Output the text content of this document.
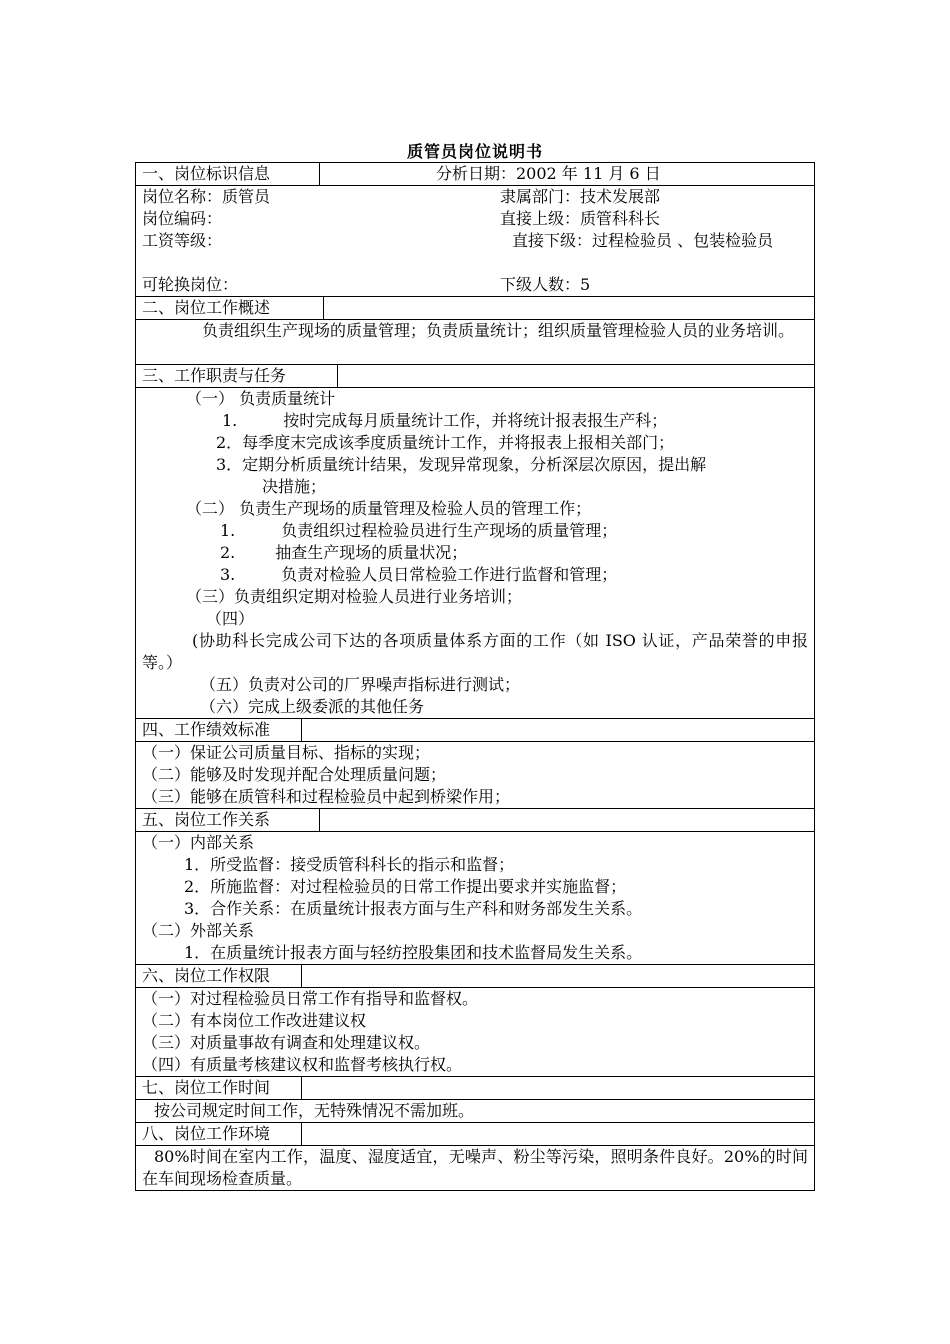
质管员岗位说明书
一、岗位标识信息	分析日期：2002 年 11 月 6 日
岗位名称：质管员	隶属部门：技术发展部
岗位编码：	直接上级：质管科科长
工资等级：	直接下级：过程检验员 、包装检验员
可轮换岗位：	下级人数：5
二、岗位工作概述
负责组织生产现场的质量管理；负责质量统计；组织质量管理检验人员的业务培训。
三、工作职责与任务
（一） 负责质量统计
1.	按时完成每月质量统计工作，并将统计报表报生产科；
2．每季度末完成该季度质量统计工作，并将报表上报相关部门；
3．定期分析质量统计结果，发现异常现象，分析深层次原因，提出解
决措施；
（二） 负责生产现场的质量管理及检验人员的管理工作；
1.	负责组织过程检验员进行生产现场的质量管理；
2.	抽查生产现场的质量状况；
3.	负责对检验人员日常检验工作进行监督和管理；
（三）负责组织定期对检验人员进行业务培训；
（四）
(协助科长完成公司下达的各项质量体系方面的工作（如 ISO 认证，产品荣誉的申报等。）
（五）负责对公司的厂界噪声指标进行测试；
（六）完成上级委派的其他任务
四、工作绩效标准
（一）保证公司质量目标、指标的实现；
（二）能够及时发现并配合处理质量问题；
（三）能够在质管科和过程检验员中起到桥梁作用；
五、岗位工作关系
（一）内部关系
1．所受监督：接受质管科科长的指示和监督；
2．所施监督：对过程检验员的日常工作提出要求并实施监督；
3．合作关系：在质量统计报表方面与生产科和财务部发生关系。
（二）外部关系
1．在质量统计报表方面与轻纺控股集团和技术监督局发生关系。
六、岗位工作权限
（一）对过程检验员日常工作有指导和监督权。
（二）有本岗位工作改进建议权
（三）对质量事故有调查和处理建议权。
（四）有质量考核建议权和监督考核执行权。
七、岗位工作时间
按公司规定时间工作，无特殊情况不需加班。
八、岗位工作环境
80%时间在室内工作，温度、湿度适宜，无噪声、粉尘等污染，照明条件良好。20%的时间在车间现场检查质量。
